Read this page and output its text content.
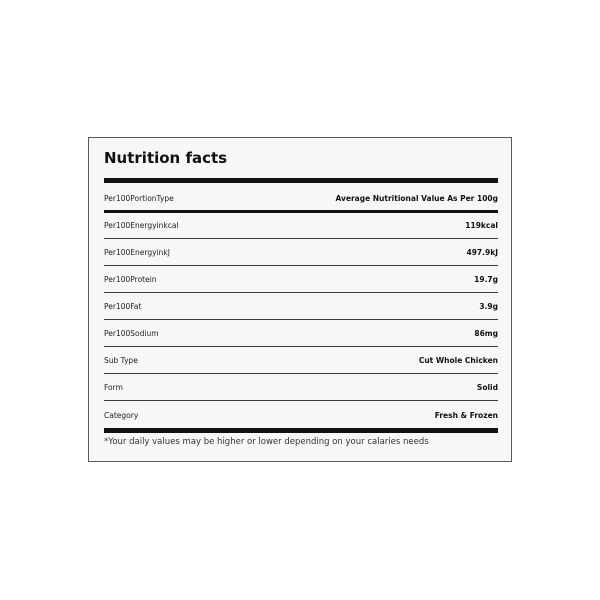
Nutrition facts
Per100PortionType	Average Nutritional Value As Per 100g
Per100Energyinkcal	119kcal
Per100EnergyinkJ	497.9kJ
Per100Protein	19.7g
Per100Fat	3.9g
Per100Sodium	86mg
Sub Type	Cut Whole Chicken
Form	Solid
Category	Fresh & Frozen

*Your daily values may be higher or lower depending on your calaries needs
